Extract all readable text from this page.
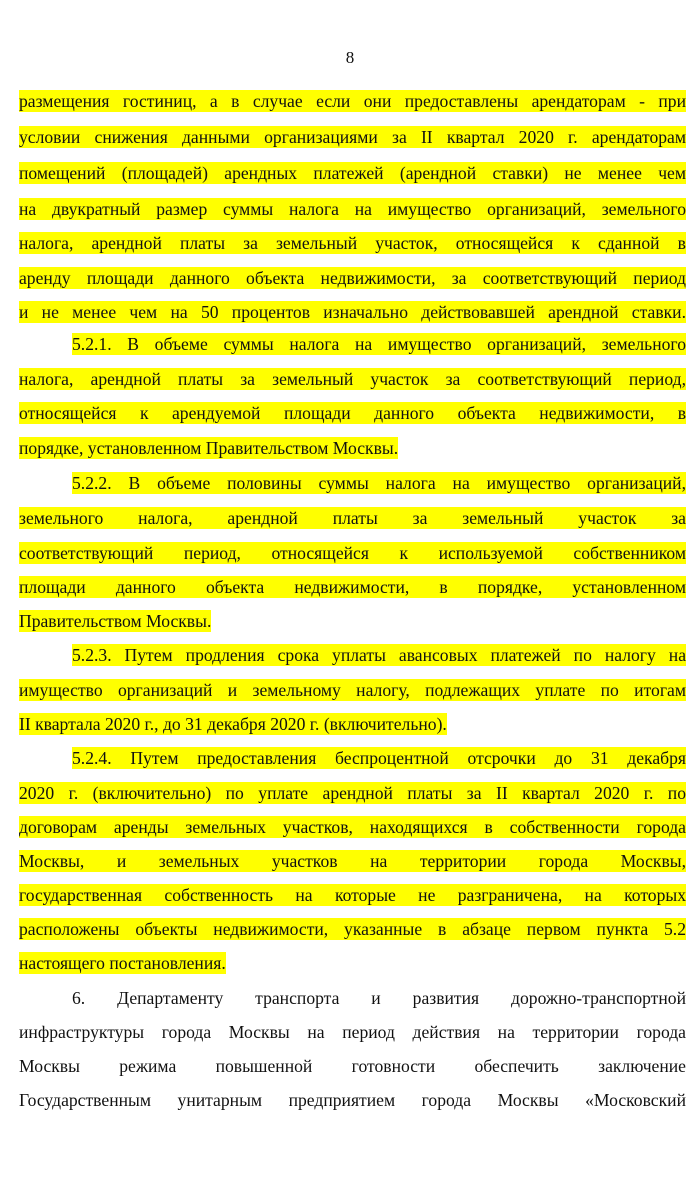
8
размещения гостиниц, а в случае если они предоставлены арендаторам - при
условии снижения данными организациями за II квартал 2020 г. арендаторам
помещений (площадей) арендных платежей (арендной ставки) не менее чем
на двукратный размер суммы налога на имущество организаций, земельного
налога, арендной платы за земельный участок, относящейся к сданной в
аренду площади данного объекта недвижимости, за соответствующий период
и не менее чем на 50 процентов изначально действовавшей арендной ставки.
5.2.1. В объеме суммы налога на имущество организаций, земельного
налога, арендной платы за земельный участок за соответствующий период,
относящейся к арендуемой площади данного объекта недвижимости, в
порядке, установленном Правительством Москвы.
5.2.2. В объеме половины суммы налога на имущество организаций,
земельного налога, арендной платы за земельный участок за
соответствующий период, относящейся к используемой собственником
площади данного объекта недвижимости, в порядке, установленном
Правительством Москвы.
5.2.3. Путем продления срока уплаты авансовых платежей по налогу на
имущество организаций и земельному налогу, подлежащих уплате по итогам
II квартала 2020 г., до 31 декабря 2020 г. (включительно).
5.2.4. Путем предоставления беспроцентной отсрочки до 31 декабря
2020 г. (включительно) по уплате арендной платы за II квартал 2020 г. по
договорам аренды земельных участков, находящихся в собственности города
Москвы, и земельных участков на территории города Москвы,
государственная собственность на которые не разграничена, на которых
расположены объекты недвижимости, указанные в абзаце первом пункта 5.2
настоящего постановления.
6. Департаменту транспорта и развития дорожно-транспортной
инфраструктуры города Москвы на период действия на территории города
Москвы режима повышенной готовности обеспечить заключение
Государственным унитарным предприятием города Москвы «Московский
